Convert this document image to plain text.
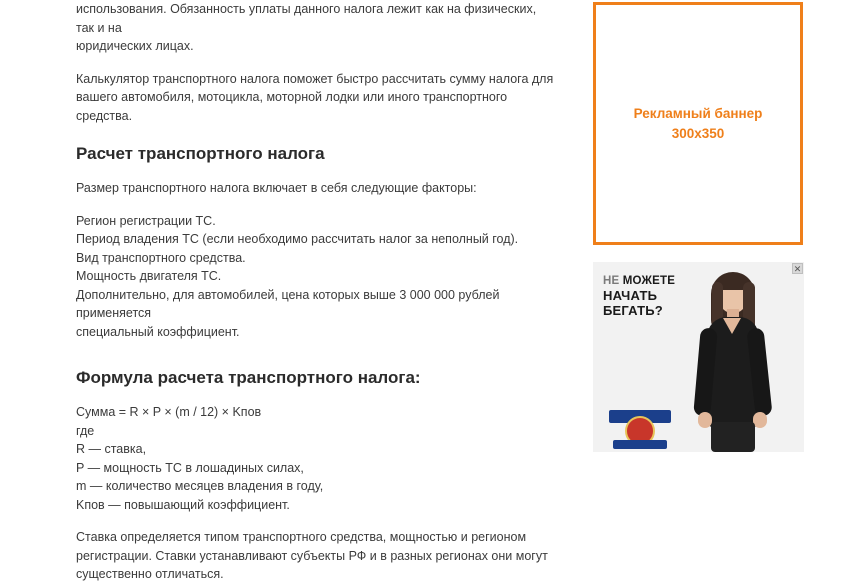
использования. Обязанность уплаты данного налога лежит как на физических, так и на

юридических лицах.

Калькулятор транспортного налога поможет быстро рассчитать сумму налога для вашего автомобиля, мотоцикла, моторной лодки или иного транспортного средства.

Расчет транспортного налога

Размер транспортного налога включает в себя следующие факторы:

Регион регистрации ТС.
Период владения ТС (если необходимо рассчитать налог за неполный год).
Вид транспортного средства.
Мощность двигателя ТС.
Дополнительно, для автомобилей, цена которых выше 3 000 000 рублей применяется
специальный коэффициент.
Формула расчета транспортного налога:
Сумма = R × P × (m / 12) × Kпов
где
R — ставка,
P — мощность ТС в лошадиных силах,
m — количество месяцев владения в году,
Kпов — повышающий коэффициент.

Ставка определяется типом транспортного средства, мощностью и регионом регистрации. Ставки устанавливают субъекты РФ и в разных регионах они могут существенно отличаться.

Рекламный баннер
300x350
✕
НЕ МОЖЕТЕ
НАЧАТЬ
БЕГАТЬ?
